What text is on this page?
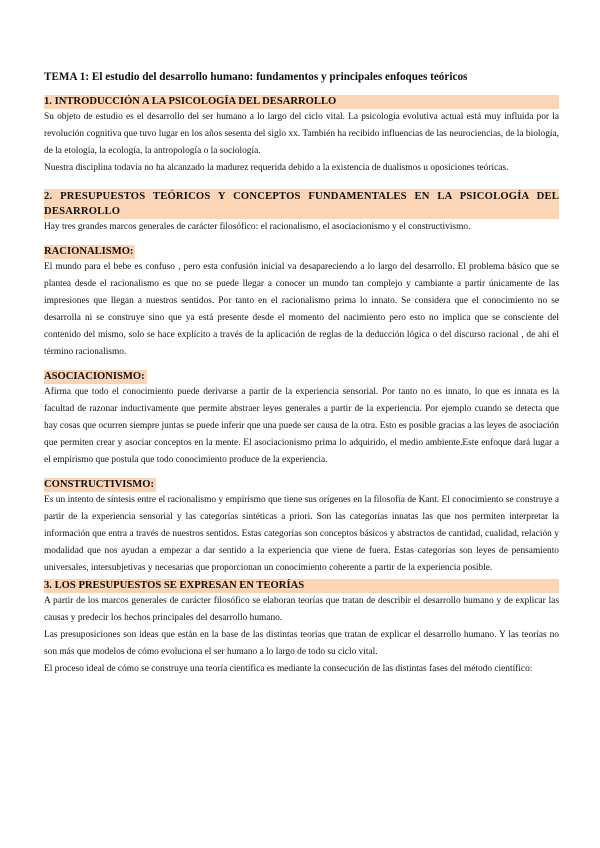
TEMA 1: El estudio del desarrollo humano: fundamentos y principales enfoques teóricos
1. INTRODUCCIÓN A LA PSICOLOGÍA DEL DESARROLLO

Su objeto de estudio es el desarrollo del ser humano a lo largo del ciclo vital. La psicología evolutiva actual está muy influida por la revolución cognitiva que tuvo lugar en los años sesenta del siglo xx. También ha recibido influencias de las neurociencias, de la biología, de la etología, la ecología, la antropología o la sociología.

Nuestra disciplina todavía no ha alcanzado la madurez requerida debido a la existencia de dualismos u oposiciones teóricas.

2. PRESUPUESTOS TEÓRICOS Y CONCEPTOS FUNDAMENTALES EN LA PSICOLOGÍA DEL DESARROLLO

Hay tres grandes marcos generales de carácter filosófico: el racionalismo, el asociacionismo y el constructivismo.

RACIONALISMO:

El mundo para el bebe es confuso , pero esta confusión inicial va desapareciendo a lo largo del desarrollo. El problema básico que se plantea desde el racionalismo es que no se puede llegar a conocer un mundo tan complejo y cambiante a partir únicamente de las impresiones que llegan a nuestros sentidos. Por tanto en el racionalismo prima lo innato. Se considera que el conocimiento no se desarrolla ni se construye sino que ya está presente desde el momento del nacimiento pero esto no implica que se consciente del contenido del mismo, solo se hace explícito a través de la aplicación de reglas de la deducción lógica o del discurso racional , de ahí el término racionalismo.

ASOCIACIONISMO:

Afirma que todo el conocimiento puede derivarse a partir de la experiencia sensorial. Por tanto no es innato, lo que es innata es la facultad de razonar inductivamente que permite abstraer leyes generales a partir de la experiencia. Por ejemplo cuando se detecta que hay cosas que ocurren siempre juntas se puede inferir que una puede ser causa de la otra. Esto es posible gracias a las leyes de asociación que permiten crear y asociar conceptos en la mente. El asociacionismo prima lo adquirido, el medio ambiente.Este enfoque dará lugar a el empirismo que postula que todo conocimiento produce de la experiencia.

CONSTRUCTIVISMO:

Es un intento de síntesis entre el racionalismo y empirismo que tiene sus orígenes en la filosofía de Kant. El conocimiento se construye a partir de la experiencia sensorial y las categorías sintéticas a priori. Son las categorías innatas las que nos permiten interpretar la información que entra a través de nuestros sentidos. Estas categorías son conceptos básicos y abstractos de cantidad, cualidad, relación y modalidad que nos ayudan a empezar a dar sentido a la experiencia que viene de fuera. Estas categorías son leyes de pensamiento universales, intersubjetivas y necesarias que proporcionan un conocimiento coherente a partir de la experiencia posible.

3. LOS PRESUPUESTOS SE EXPRESAN EN TEORÍAS

A partir de los marcos generales de carácter filosófico se elaboran teorías que tratan de describir el desarrollo humano y de explicar las causas y predecir los hechos principales del desarrollo humano.

Las presuposiciones son ideas que están en la base de las distintas teorías que tratan de explicar el desarrollo humano. Y las teorías no son más que modelos de cómo evoluciona el ser humano a lo largo de todo su ciclo vital.

El proceso ideal de cómo se construye una teoría científica es mediante la consecución de las distintas fases del método científico:
